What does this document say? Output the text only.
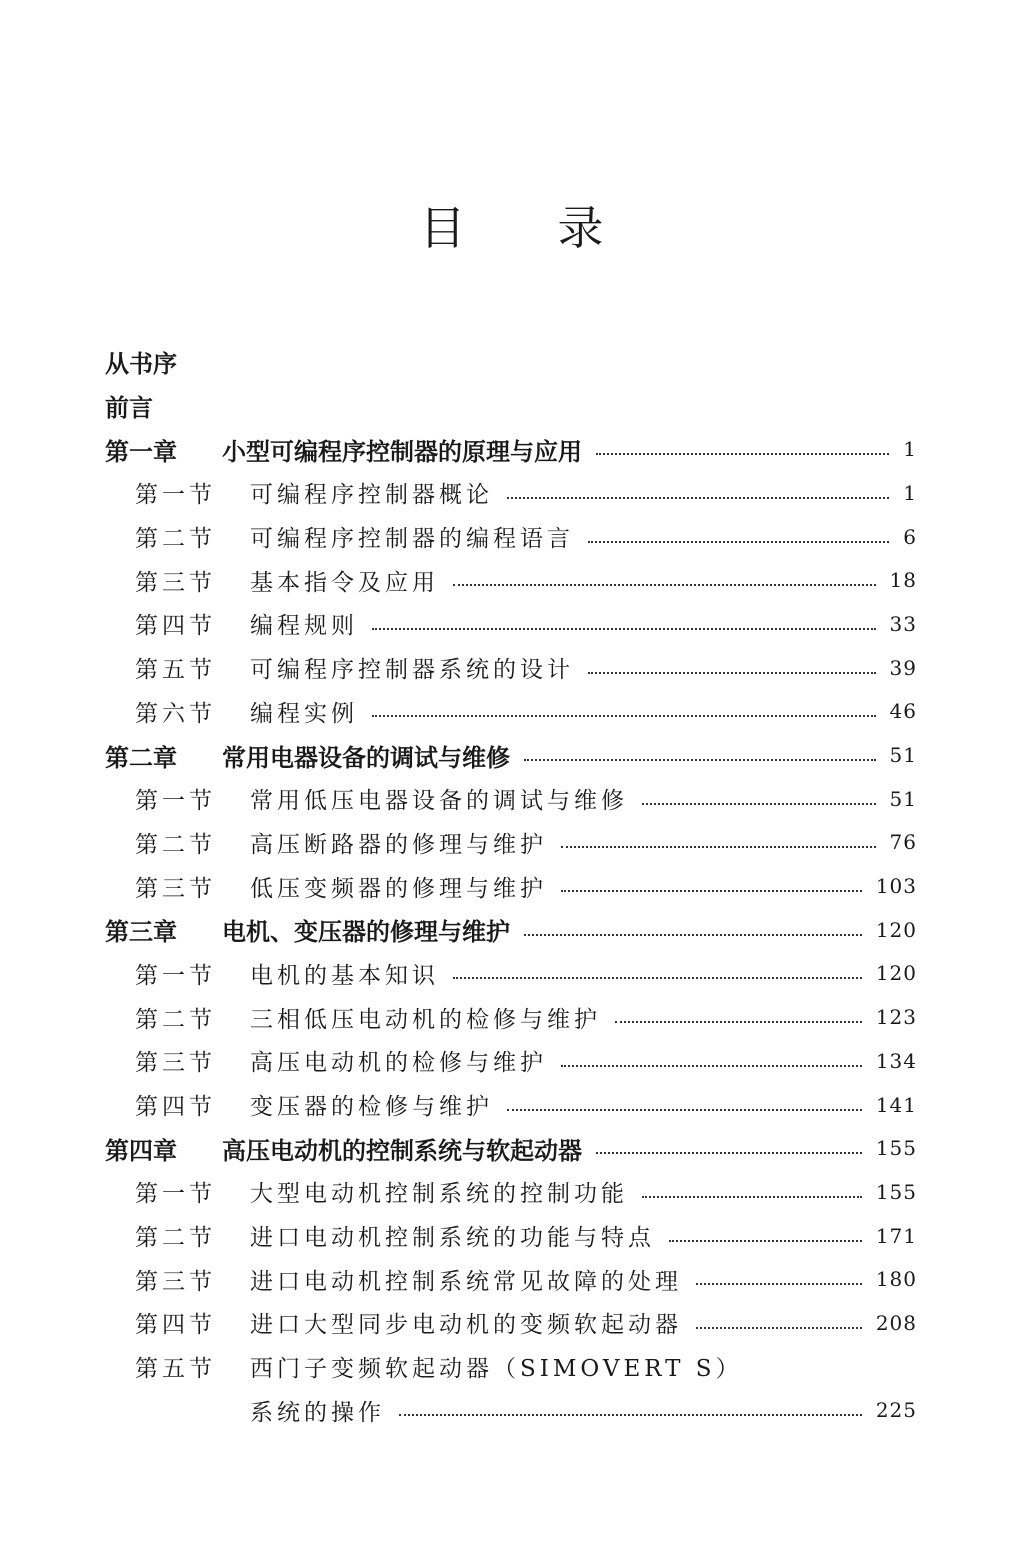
目 录
从书序
前言
第一章	小型可编程序控制器的原理与应用	1
第一节	可编程序控制器概论	1
第二节	可编程序控制器的编程语言	6
第三节	基本指令及应用	18
第四节	编程规则	33
第五节	可编程序控制器系统的设计	39
第六节	编程实例	46
第二章	常用电器设备的调试与维修	51
第一节	常用低压电器设备的调试与维修	51
第二节	高压断路器的修理与维护	76
第三节	低压变频器的修理与维护	103
第三章	电机、变压器的修理与维护	120
第一节	电机的基本知识	120
第二节	三相低压电动机的检修与维护	123
第三节	高压电动机的检修与维护	134
第四节	变压器的检修与维护	141
第四章	高压电动机的控制系统与软起动器	155
第一节	大型电动机控制系统的控制功能	155
第二节	进口电动机控制系统的功能与特点	171
第三节	进口电动机控制系统常见故障的处理	180
第四节	进口大型同步电动机的变频软起动器	208
第五节	西门子变频软起动器（SIMOVERT S）
系统的操作	225
